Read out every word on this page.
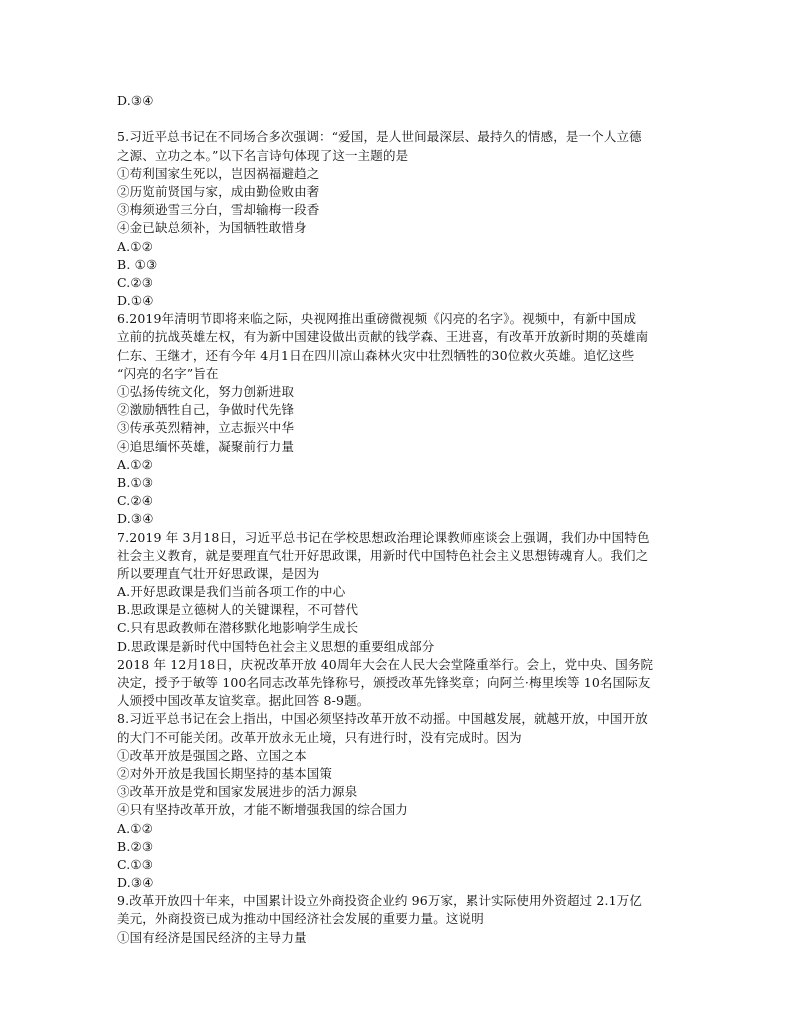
D.③④
5.习近平总书记在不同场合多次强调：“爱国，是人世间最深层、最持久的情感，是一个人立德
之源、立功之本。”以下名言诗句体现了这一主题的是
①苟利国家生死以，岂因祸福避趋之
②历览前贤国与家，成由勤俭败由奢
③梅须逊雪三分白，雪却输梅一段香
④金已缺总须补，为国牺牲敢惜身
A.①②
B. ①③
C.②③
D.①④
6.2019年清明节即将来临之际，央视网推出重磅微视频《闪亮的名字》。视频中，有新中国成
立前的抗战英雄左权，有为新中国建设做出贡献的钱学森、王进喜，有改革开放新时期的英雄南
仁东、王继才，还有今年 4月1日在四川凉山森林火灾中壮烈牺牲的30位救火英雄。追忆这些
“闪亮的名字”旨在
①弘扬传统文化，努力创新进取
②激励牺牲自己，争做时代先锋
③传承英烈精神，立志振兴中华
④追思缅怀英雄，凝聚前行力量
A.①②
B.①③
C.②④
D.③④
7.2019 年 3月18日，习近平总书记在学校思想政治理论课教师座谈会上强调，我们办中国特色
社会主义教育，就是要理直气壮开好思政课，用新时代中国特色社会主义思想铸魂育人。我们之
所以要理直气壮开好思政课，是因为
A.开好思政课是我们当前各项工作的中心
B.思政课是立德树人的关键课程，不可替代
C.只有思政教师在潜移默化地影响学生成长
D.思政课是新时代中国特色社会主义思想的重要组成部分
2018 年 12月18日，庆祝改革开放 40周年大会在人民大会堂隆重举行。会上，党中央、国务院
决定，授予于敏等 100名同志改革先锋称号，颁授改革先锋奖章；向阿兰·梅里埃等 10名国际友
人颁授中国改革友谊奖章。据此回答 8-9题。
8.习近平总书记在会上指出，中国必须坚持改革开放不动摇。中国越发展，就越开放，中国开放
的大门不可能关闭。改革开放永无止境，只有进行时，没有完成时。因为
①改革开放是强国之路、立国之本
②对外开放是我国长期坚持的基本国策
③改革开放是党和国家发展进步的活力源泉
④只有坚持改革开放，才能不断增强我国的综合国力
A.①②
B.②③
C.①③
D.③④
9.改革开放四十年来，中国累计设立外商投资企业约 96万家，累计实际使用外资超过 2.1万亿
美元，外商投资已成为推动中国经济社会发展的重要力量。这说明
①国有经济是国民经济的主导力量
